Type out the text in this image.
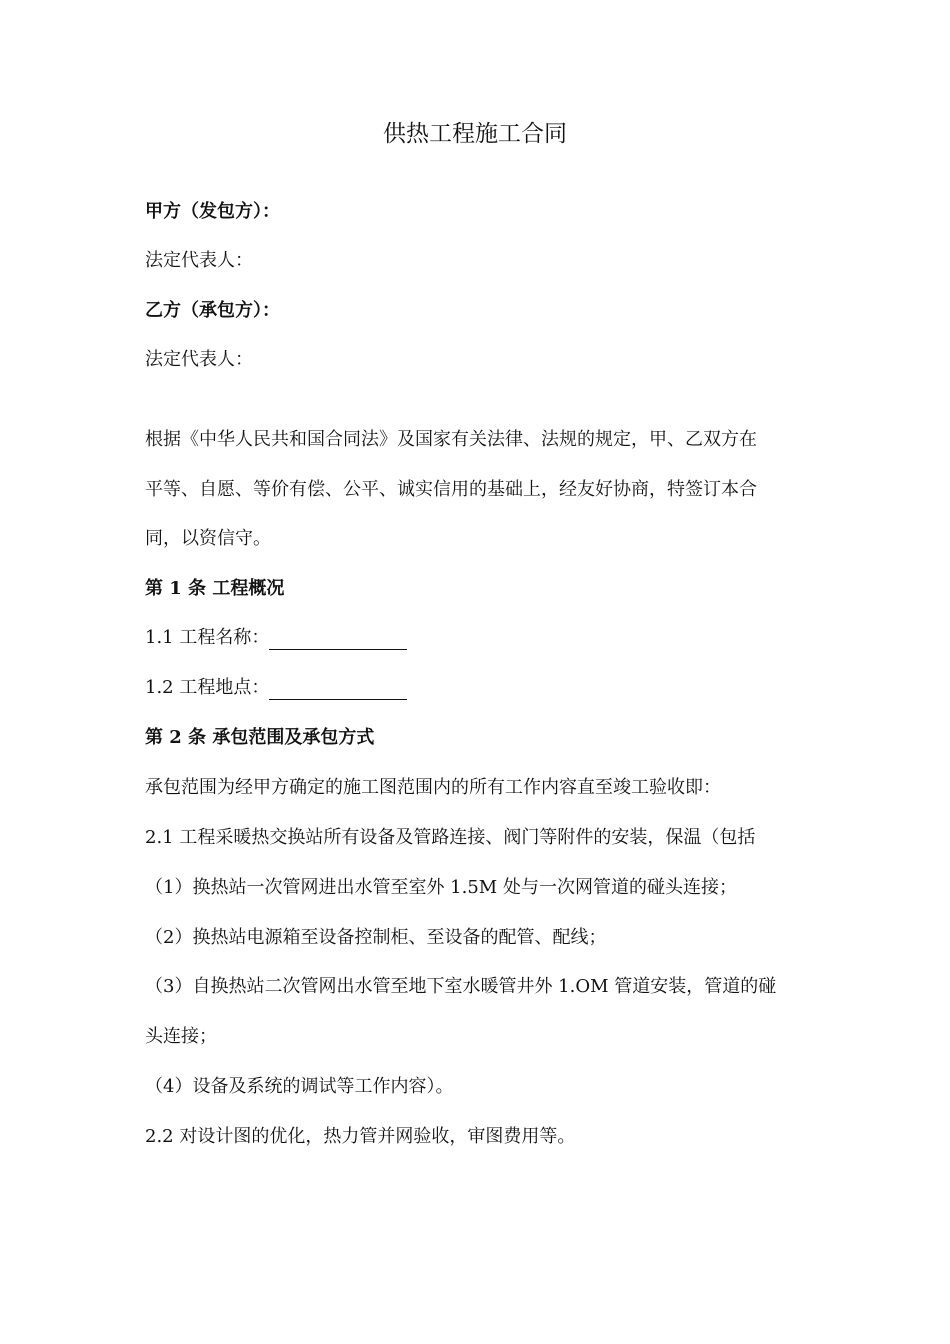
供热工程施工合同
甲方（发包方）：
法定代表人：
乙方（承包方）：
法定代表人：
根据《中华人民共和国合同法》及国家有关法律、法规的规定，甲、乙双方在
平等、自愿、等价有偿、公平、诚实信用的基础上，经友好协商，特签订本合
同，以资信守。
第 1 条 工程概况
1.1 工程名称：
1.2 工程地点：
第 2 条 承包范围及承包方式
承包范围为经甲方确定的施工图范围内的所有工作内容直至竣工验收即：
2.1 工程采暖热交换站所有设备及管路连接、阀门等附件的安装，保温（包括
（1）换热站一次管网进出水管至室外 1.5M 处与一次网管道的碰头连接；
（2）换热站电源箱至设备控制柜、至设备的配管、配线；
（3）自换热站二次管网出水管至地下室水暖管井外 1.OM 管道安装，管道的碰
头连接；
（4）设备及系统的调试等工作内容）。
2.2 对设计图的优化，热力管并网验收，审图费用等。
